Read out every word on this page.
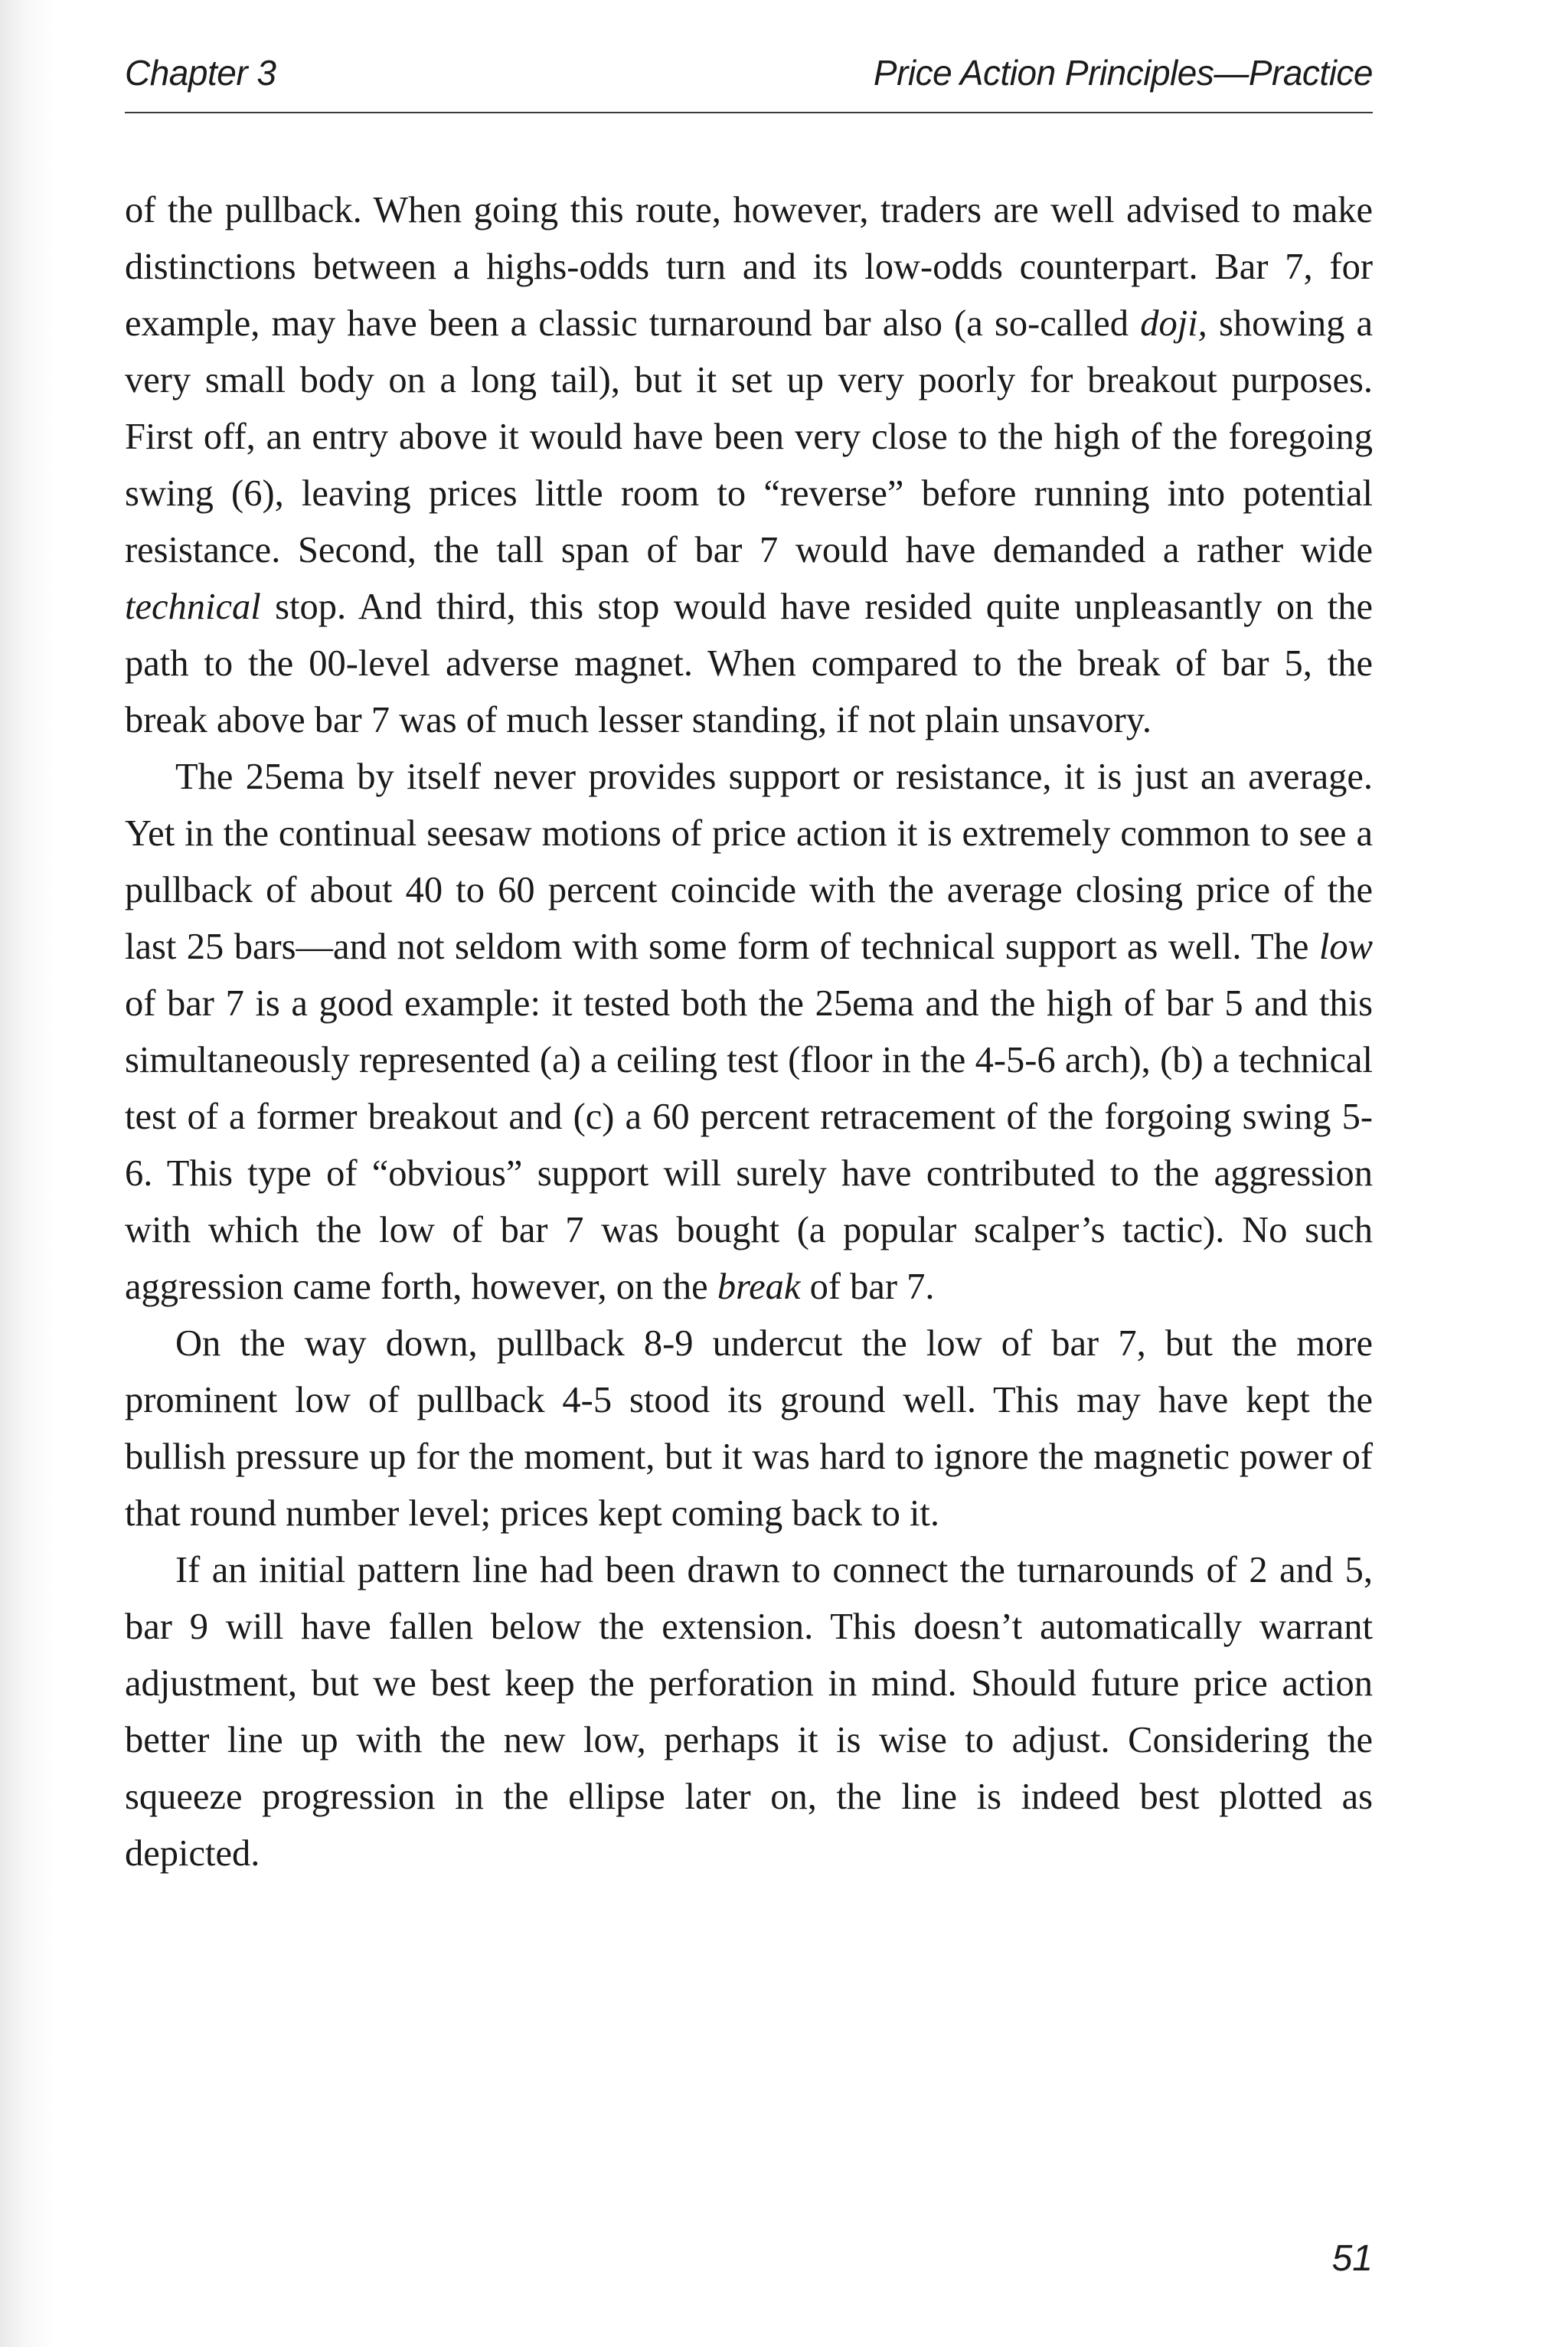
Chapter 3	Price Action Principles—Practice

of the pullback. When going this route, however, traders are well advised to make distinctions between a highs-odds turn and its low-odds counterpart. Bar 7, for example, may have been a classic turnaround bar also (a so-called doji, showing a very small body on a long tail), but it set up very poorly for breakout purposes. First off, an entry above it would have been very close to the high of the foregoing swing (6), leaving prices little room to “reverse” before running into potential resistance. Second, the tall span of bar 7 would have demanded a rather wide technical stop. And third, this stop would have resided quite unpleasantly on the path to the 00-level adverse magnet. When compared to the break of bar 5, the break above bar 7 was of much lesser standing, if not plain unsavory.

The 25ema by itself never provides support or resistance, it is just an average. Yet in the continual seesaw motions of price action it is extremely common to see a pullback of about 40 to 60 percent coincide with the average closing price of the last 25 bars—and not seldom with some form of technical support as well. The low of bar 7 is a good example: it tested both the 25ema and the high of bar 5 and this simultaneously represented (a) a ceiling test (floor in the 4-5-6 arch), (b) a technical test of a former breakout and (c) a 60 percent retracement of the forgoing swing 5-6. This type of “obvious” support will surely have contributed to the aggression with which the low of bar 7 was bought (a popular scalper’s tactic). No such aggression came forth, however, on the break of bar 7.

On the way down, pullback 8-9 undercut the low of bar 7, but the more prominent low of pullback 4-5 stood its ground well. This may have kept the bullish pressure up for the moment, but it was hard to ignore the magnetic power of that round number level; prices kept coming back to it.

If an initial pattern line had been drawn to connect the turnarounds of 2 and 5, bar 9 will have fallen below the extension. This doesn’t automatically warrant adjustment, but we best keep the perforation in mind. Should future price action better line up with the new low, perhaps it is wise to adjust. Considering the squeeze progression in the ellipse later on, the line is indeed best plotted as depicted.

51
